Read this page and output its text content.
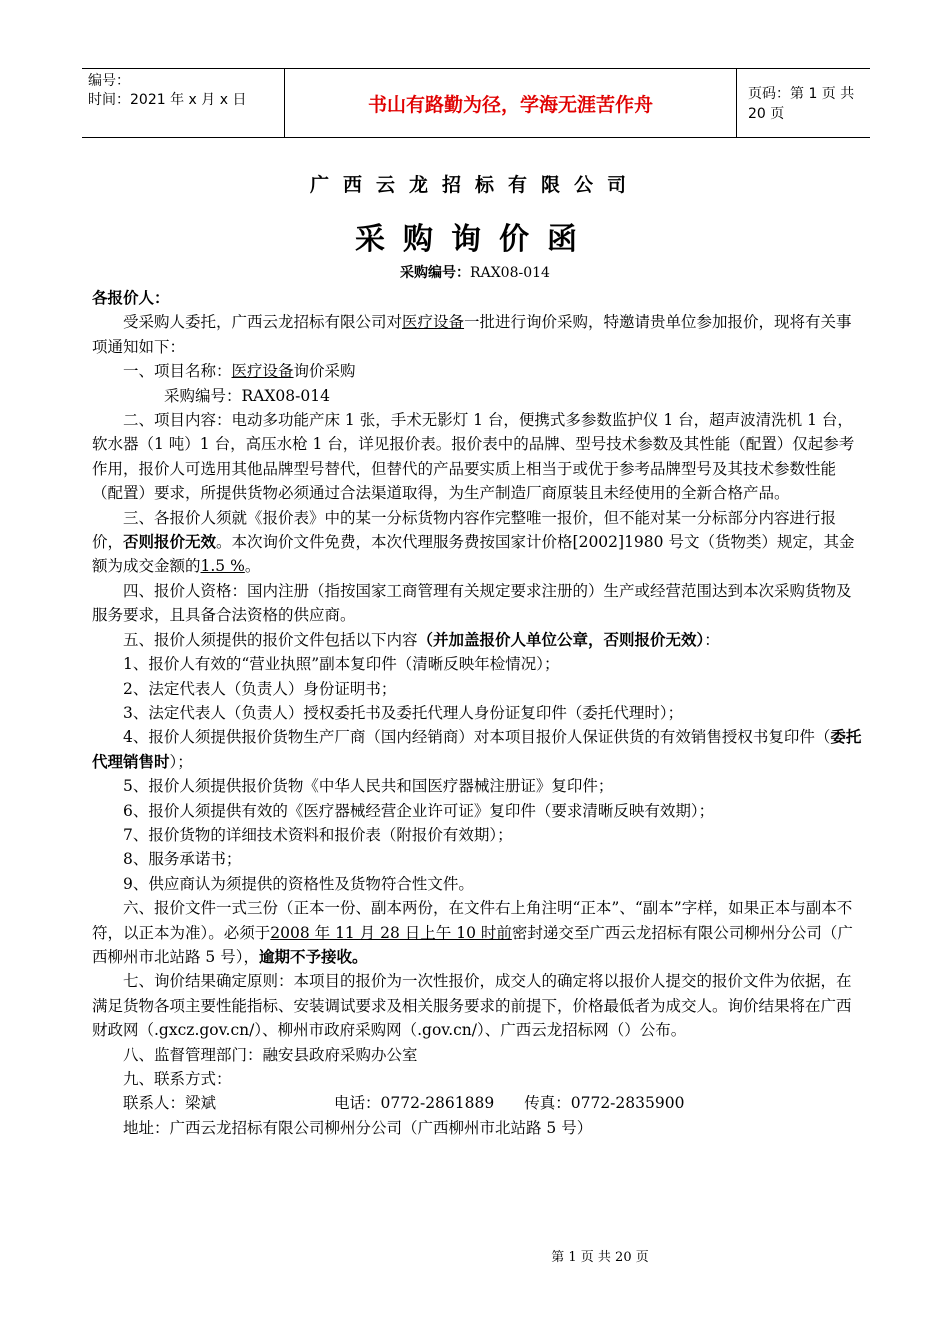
编号：
时间：2021 年 x 月 x 日	书山有路勤为径，学海无涯苦作舟	页码：第 1 页 共 20 页
广西云龙招标有限公司
采购询价函
采购编号：RAX08-014

各报价人：

受采购人委托，广西云龙招标有限公司对医疗设备一批进行询价采购，特邀请贵单位参加报价，现将有关事项通知如下：

一、项目名称：医疗设备询价采购

采购编号：RAX08-014

二、项目内容：电动多功能产床 1 张，手术无影灯 1 台，便携式多参数监护仪 1 台，超声波清洗机 1 台，软水器（1 吨）1 台，高压水枪 1 台，详见报价表。报价表中的品牌、型号技术参数及其性能（配置）仅起参考作用，报价人可选用其他品牌型号替代，但替代的产品要实质上相当于或优于参考品牌型号及其技术参数性能（配置）要求，所提供货物必须通过合法渠道取得，为生产制造厂商原装且未经使用的全新合格产品。

三、各报价人须就《报价表》中的某一分标货物内容作完整唯一报价，但不能对某一分标部分内容进行报价，否则报价无效。本次询价文件免费，本次代理服务费按国家计价格[2002]1980 号文（货物类）规定，其金额为成交金额的1.5 %。

四、报价人资格：国内注册（指按国家工商管理有关规定要求注册的）生产或经营范围达到本次采购货物及服务要求，且具备合法资格的供应商。

五、报价人须提供的报价文件包括以下内容（并加盖报价人单位公章，否则报价无效）：

1、报价人有效的“营业执照”副本复印件（清晰反映年检情况）；

2、法定代表人（负责人）身份证明书；

3、法定代表人（负责人）授权委托书及委托代理人身份证复印件（委托代理时）；

4、报价人须提供报价货物生产厂商（国内经销商）对本项目报价人保证供货的有效销售授权书复印件（委托代理销售时）；

5、报价人须提供报价货物《中华人民共和国医疗器械注册证》复印件；

6、报价人须提供有效的《医疗器械经营企业许可证》复印件（要求清晰反映有效期）；

7、报价货物的详细技术资料和报价表（附报价有效期）；

8、服务承诺书；

9、供应商认为须提供的资格性及货物符合性文件。

六、报价文件一式三份（正本一份、副本两份，在文件右上角注明“正本”、“副本”字样，如果正本与副本不符，以正本为准）。必须于2008 年 11 月 28 日上午 10 时前密封递交至广西云龙招标有限公司柳州分公司（广西柳州市北站路 5 号），逾期不予接收。

七、询价结果确定原则：本项目的报价为一次性报价，成交人的确定将以报价人提交的报价文件为依据，在满足货物各项主要性能指标、安装调试要求及相关服务要求的前提下，价格最低者为成交人。询价结果将在广西财政网（.gxcz.gov.cn/）、柳州市政府采购网（.gov.cn/）、广西云龙招标网（）公布。

八、监督管理部门：融安县政府采购办公室

九、联系方式：

联系人：梁斌	电话：0772-2861889 传真：0772-2835900

地址：广西云龙招标有限公司柳州分公司（广西柳州市北站路 5 号）

第 1 页 共 20 页
